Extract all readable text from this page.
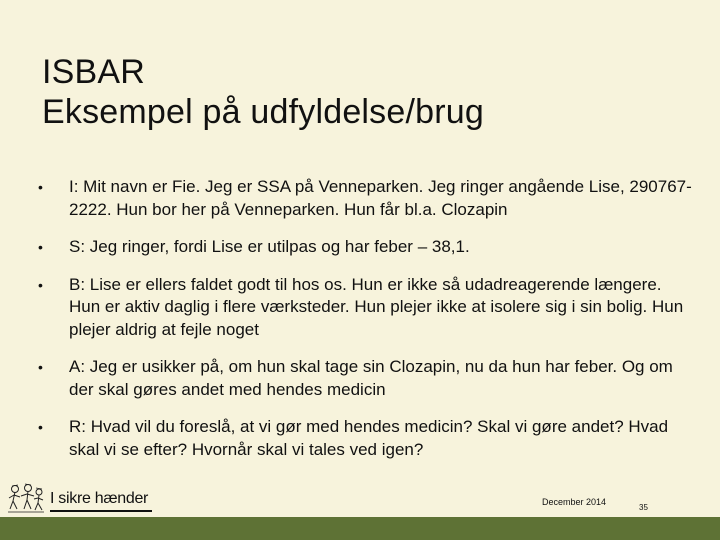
ISBAR
Eksempel på udfyldelse/brug
• I: Mit navn er Fie. Jeg er SSA på Venneparken. Jeg ringer angående Lise, 290767-2222. Hun bor her på Venneparken. Hun får bl.a. Clozapin
• S: Jeg ringer, fordi Lise er utilpas og har feber – 38,1.
• B: Lise er ellers faldet godt til hos os. Hun er ikke så udadreagerende længere. Hun er aktiv daglig i flere værksteder. Hun plejer ikke at isolere sig i sin bolig. Hun plejer aldrig at fejle noget
• A: Jeg er usikker på, om hun skal tage sin Clozapin, nu da hun har feber. Og om der skal gøres andet med hendes medicin
• R: Hvad vil du foreslå, at vi gør med hendes medicin? Skal vi gøre andet? Hvad skal vi se efter? Hvornår skal vi tales ved igen?
I sikre hænder	December 2014
35
